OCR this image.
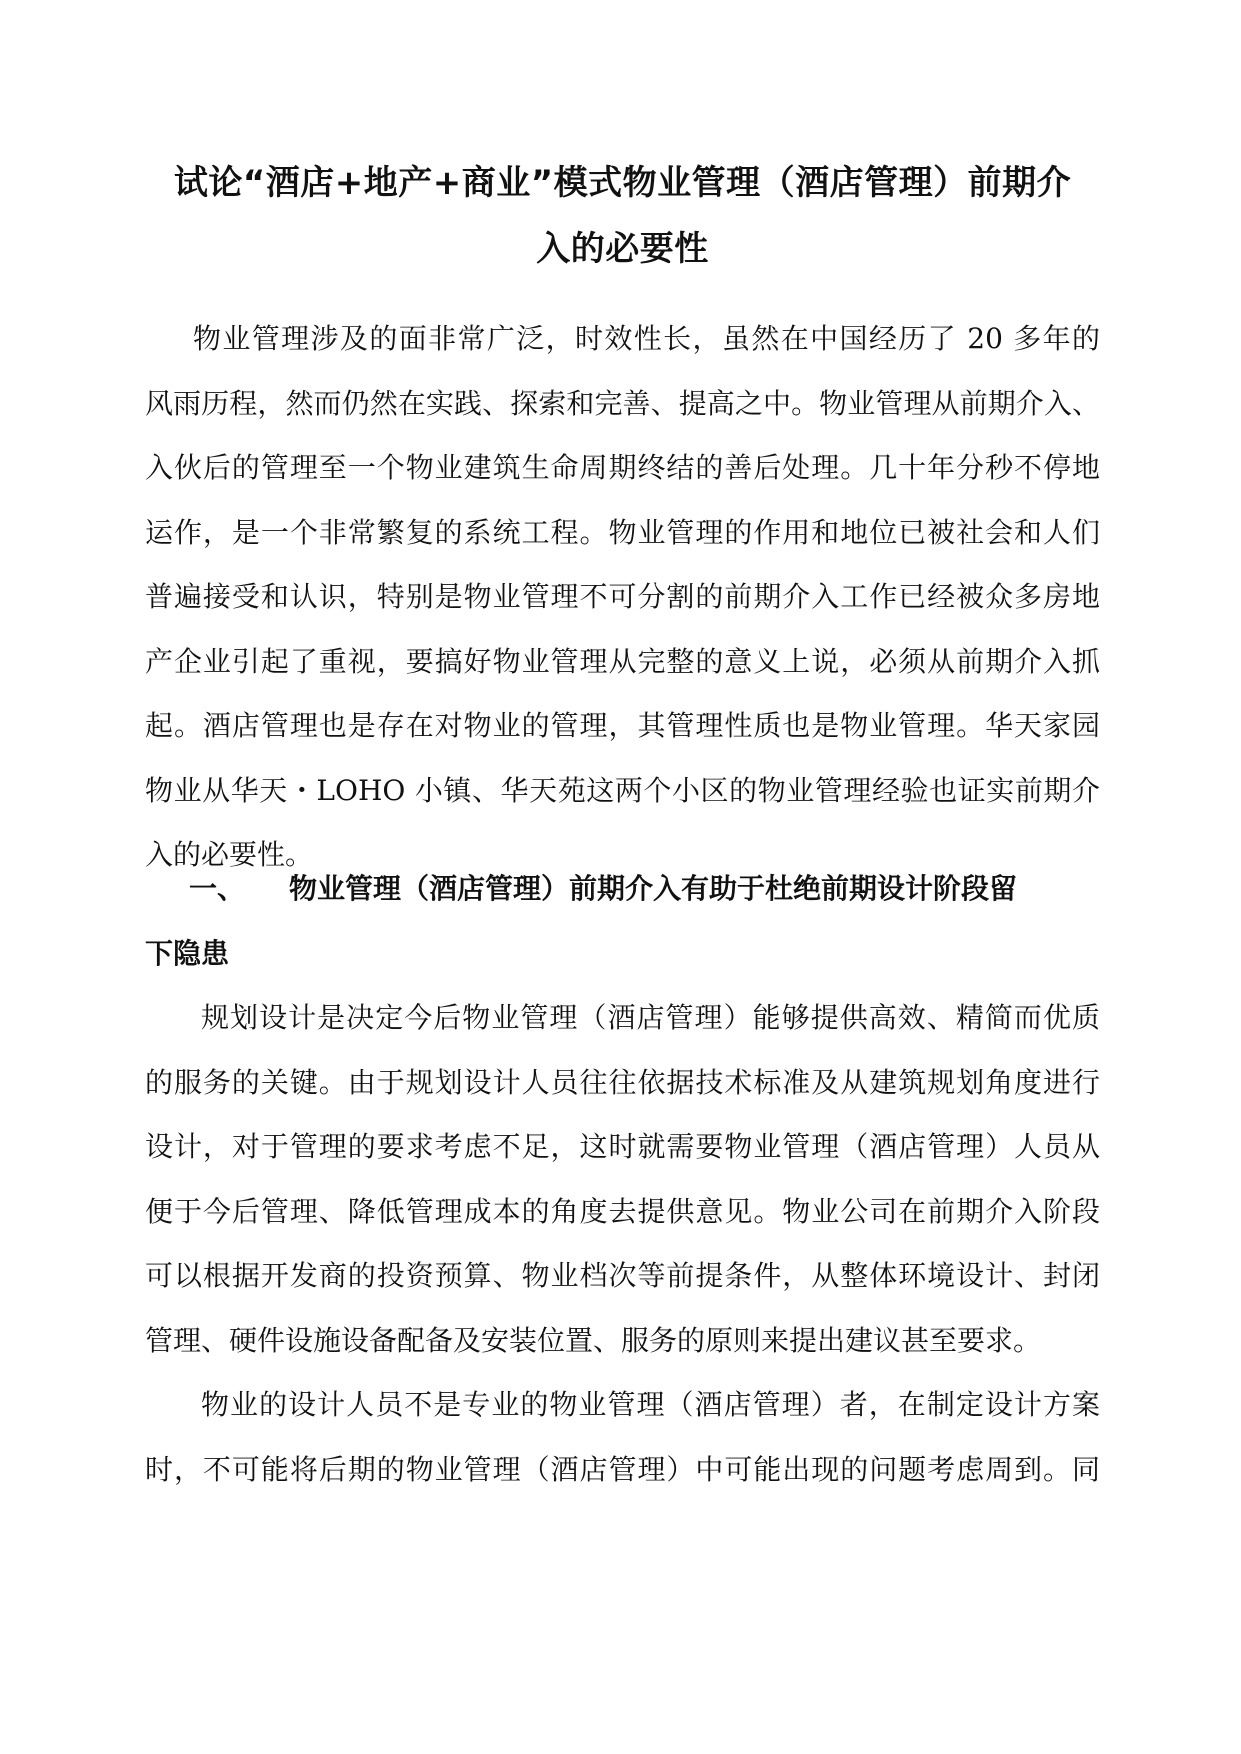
试论“酒店+地产+商业”模式物业管理（酒店管理）前期介
入的必要性
物业管理涉及的面非常广泛，时效性长，虽然在中国经历了 20 多年的
风雨历程，然而仍然在实践、探索和完善、提高之中。物业管理从前期介入、
入伙后的管理至一个物业建筑生命周期终结的善后处理。几十年分秒不停地
运作，是一个非常繁复的系统工程。物业管理的作用和地位已被社会和人们
普遍接受和认识，特别是物业管理不可分割的前期介入工作已经被众多房地
产企业引起了重视，要搞好物业管理从完整的意义上说，必须从前期介入抓
起。酒店管理也是存在对物业的管理，其管理性质也是物业管理。华天家园
物业从华天・LOHO 小镇、华天苑这两个小区的物业管理经验也证实前期介
入的必要性。
一、 物业管理（酒店管理）前期介入有助于杜绝前期设计阶段留
下隐患
规划设计是决定今后物业管理（酒店管理）能够提供高效、精简而优质
的服务的关键。由于规划设计人员往往依据技术标准及从建筑规划角度进行
设计，对于管理的要求考虑不足，这时就需要物业管理（酒店管理）人员从
便于今后管理、降低管理成本的角度去提供意见。物业公司在前期介入阶段
可以根据开发商的投资预算、物业档次等前提条件，从整体环境设计、封闭
管理、硬件设施设备配备及安装位置、服务的原则来提出建议甚至要求。
物业的设计人员不是专业的物业管理（酒店管理）者，在制定设计方案
时，不可能将后期的物业管理（酒店管理）中可能出现的问题考虑周到。同
